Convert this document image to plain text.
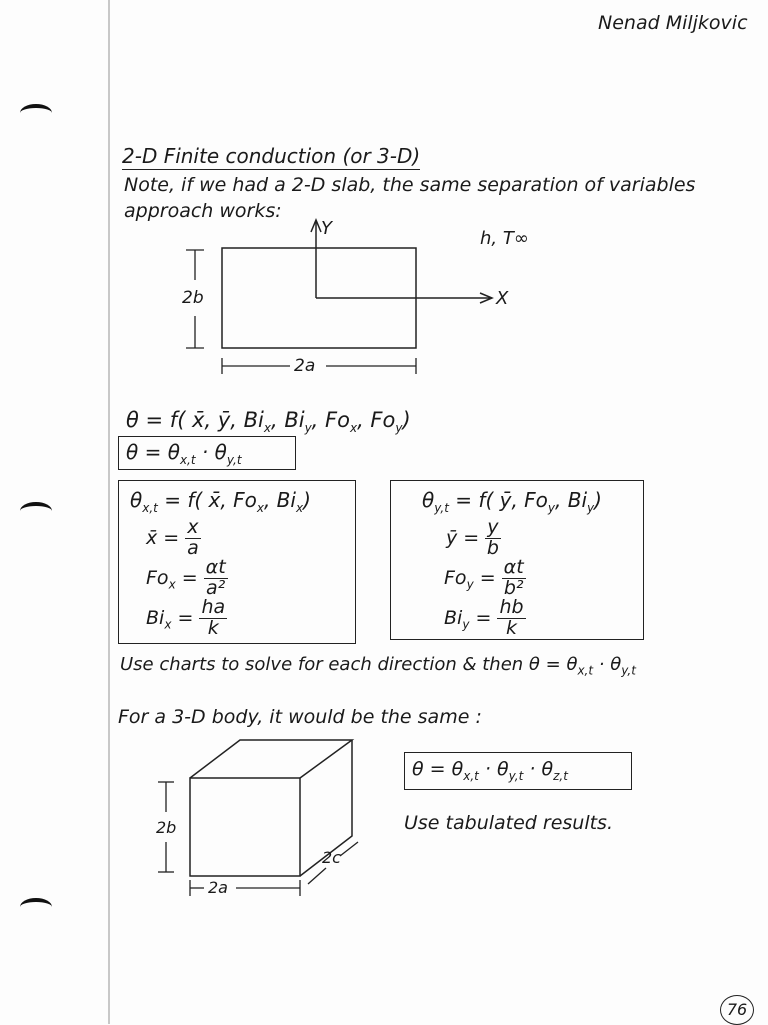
Nenad Miljkovic
2-D Finite conduction (or 3-D)
Note, if we had a 2-D slab, the same separation of variables
approach works:
Y
X
h, T∞
2b
2a
θ = f( x̄, ȳ, $Bi_x$, $Bi_y$, $Fo_x$, $Fo_y$)
$\theta = \theta_{x,t} \cdot \theta_{y,t}$
$\theta_{x,t} = f$( x̄, $Fo_x$, $Bi_x$)
x̄ = $\frac{x}{a}$
$Fo_x = \frac{\alpha t}{\text{a²}}$
$Bi_x = \frac{ha}{k}$
$\theta_{y,t} = f$( ȳ, $Fo_y$, $Bi_y$)
ȳ = $\frac{y}{b}$
$Fo_y = \frac{\alpha t}{\text{b²}}$
$Bi_y = \frac{hb}{k}$
Use charts to solve for each direction & then $\theta = \theta_{x,t} \cdot \theta_{y,t}$
For a 3-D body, it would be the same :
2b
2a
2c
$\theta = \theta_{x,t} \cdot \theta_{y,t} \cdot \theta_{z,t}$
Use tabulated results.
76
